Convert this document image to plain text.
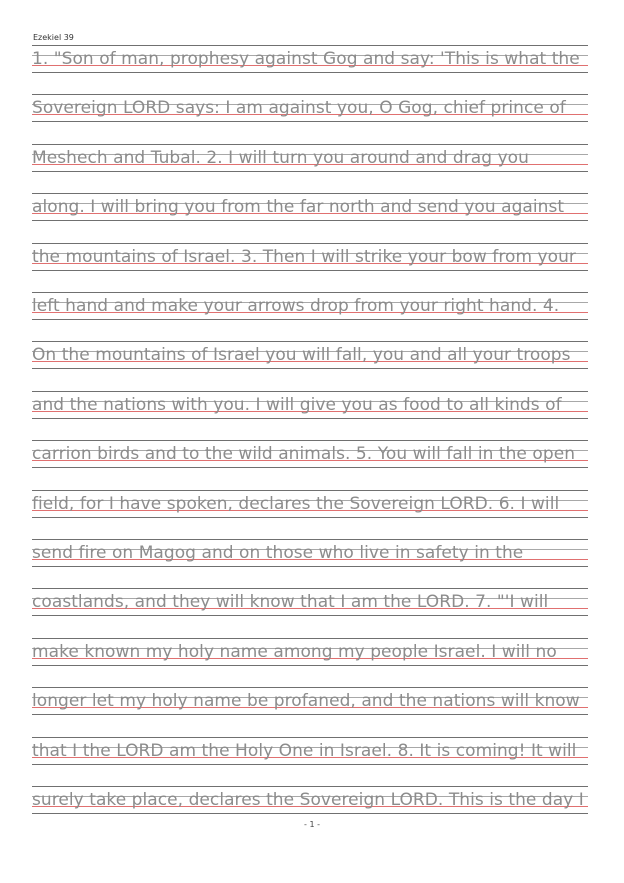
Ezekiel 39
1. "Son of man, prophesy against Gog and say: 'This is what the
Sovereign LORD says: I am against you, O Gog, chief prince of
Meshech and Tubal. 2. I will turn you around and drag you
along. I will bring you from the far north and send you against
the mountains of Israel. 3. Then I will strike your bow from your
left hand and make your arrows drop from your right hand. 4.
On the mountains of Israel you will fall, you and all your troops
and the nations with you. I will give you as food to all kinds of
carrion birds and to the wild animals. 5. You will fall in the open
field, for I have spoken, declares the Sovereign LORD. 6. I will
send fire on Magog and on those who live in safety in the
coastlands, and they will know that I am the LORD. 7. "'I will
make known my holy name among my people Israel. I will no
longer let my holy name be profaned, and the nations will know
that I the LORD am the Holy One in Israel. 8. It is coming! It will
surely take place, declares the Sovereign LORD. This is the day I
- 1 -
